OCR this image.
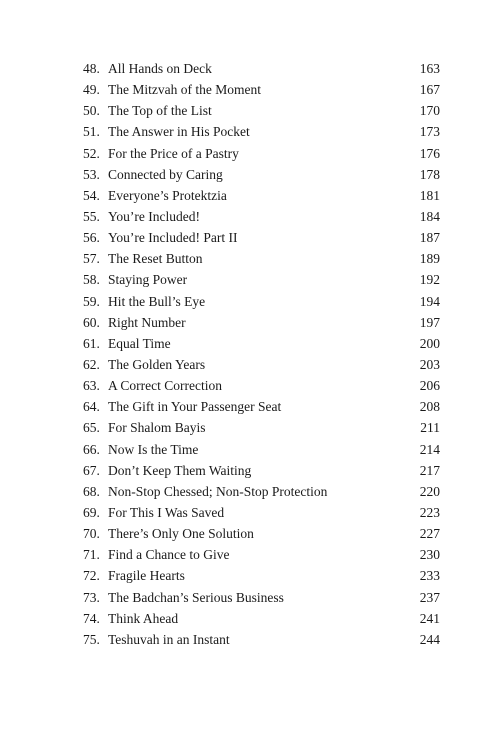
48. All Hands on Deck	163
49. The Mitzvah of the Moment	167
50. The Top of the List	170
51. The Answer in His Pocket	173
52. For the Price of a Pastry	176
53. Connected by Caring	178
54. Everyone’s Protektzia	181
55. You’re Included!	184
56. You’re Included! Part II	187
57. The Reset Button	189
58. Staying Power	192
59. Hit the Bull’s Eye	194
60. Right Number	197
61. Equal Time	200
62. The Golden Years	203
63. A Correct Correction	206
64. The Gift in Your Passenger Seat	208
65. For Shalom Bayis	211
66. Now Is the Time	214
67. Don’t Keep Them Waiting	217
68. Non-Stop Chessed; Non-Stop Protection	220
69. For This I Was Saved	223
70. There’s Only One Solution	227
71. Find a Chance to Give	230
72. Fragile Hearts	233
73. The Badchan’s Serious Business	237
74. Think Ahead	241
75. Teshuvah in an Instant	244
